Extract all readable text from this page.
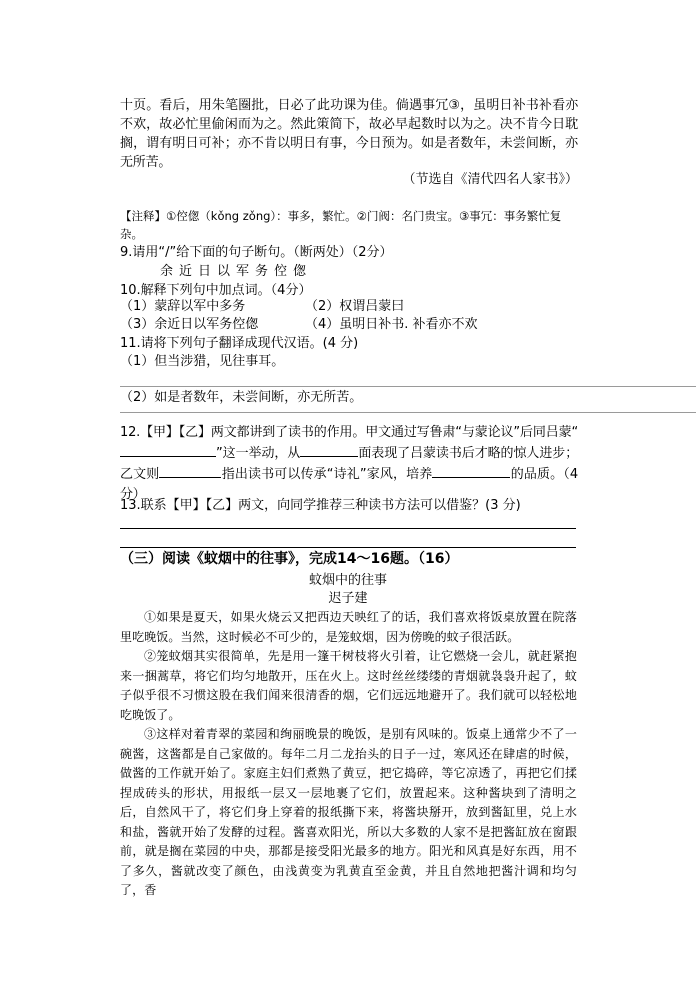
十页。看后，用朱笔圈批，日必了此功课为佳。倘遇事冗③，虽明日补书补看亦不欢，故必忙里偷闲而为之。然此策简下，故必早起数时以为之。决不肯今日耽搁，谓有明日可补；亦不肯以明日有事，今日预为。如是者数年，未尝间断，亦无所苦。
（节选自《清代四名人家书》）
【注释】①倥偬（kǒng zǒng）：事多，繁忙。②门阀：名门贵宝。③事冗：事务繁忙复杂。
9.请用“/”给下面的句子断句。（断两处）（2分）
余近日以军务倥偬
10.解释下列句中加点词。（4分）
（1）蒙辞以军中多务	（2）权谓吕蒙曰
（3）余近日以军务倥偬	（4）虽明日补书. 补看亦不欢
11.请将下列句子翻译成现代汉语。(4 分)
（1）但当涉猎，见往事耳。
（2）如是者数年，未尝间断，亦无所苦。
12.【甲】【乙】两文都讲到了读书的作用。甲文通过写鲁肃“与蒙论议”后同吕蒙“”这一举动，从	面表现了吕蒙读书后才略的惊人进步；乙文则	指出读书可以传承“诗礼”家风，培养	的品质。（4分）
13.联系【甲】【乙】两文，向同学推荐三种读书方法可以借鉴？(3 分)
（三）阅读《蚊烟中的往事》，完成14～16题。（16）
蚊烟中的往事
迟子建

①如果是夏天，如果火烧云又把西边天映红了的话，我们喜欢将饭桌放置在院落里吃晚饭。当然，这时候必不可少的，是笼蚊烟，因为傍晚的蚊子很活跃。

②笼蚊烟其实很简单，先是用一篷干树枝将火引着，让它燃烧一会儿，就赶紧抱来一捆蒿草，将它们均匀地散开，压在火上。这时丝丝缕缕的青烟就袅袅升起了，蚊子似乎很不习惯这股在我们闻来很清香的烟，它们远远地避开了。我们就可以轻松地吃晚饭了。

③这样对着青翠的菜园和绚丽晚景的晚饭，是别有风味的。饭桌上通常少不了一碗酱，这酱都是自己家做的。每年二月二龙抬头的日子一过，寒风还在肆虐的时候，做酱的工作就开始了。家庭主妇们煮熟了黄豆，把它捣碎，等它凉透了，再把它们揉捏成砖头的形状，用报纸一层又一层地裹了它们，放置起来。这种酱块到了清明之后，自然风干了，将它们身上穿着的报纸撕下来，将酱块掰开，放到酱缸里，兑上水和盐，酱就开始了发酵的过程。酱喜欢阳光，所以大多数的人家不是把酱缸放在窗跟前，就是搁在菜园的中央，那都是接受阳光最多的地方。阳光和风真是好东西，用不了多久，酱就改变了颜色，由浅黄变为乳黄直至金黄，并且自然地把酱汁调和均匀了，香
